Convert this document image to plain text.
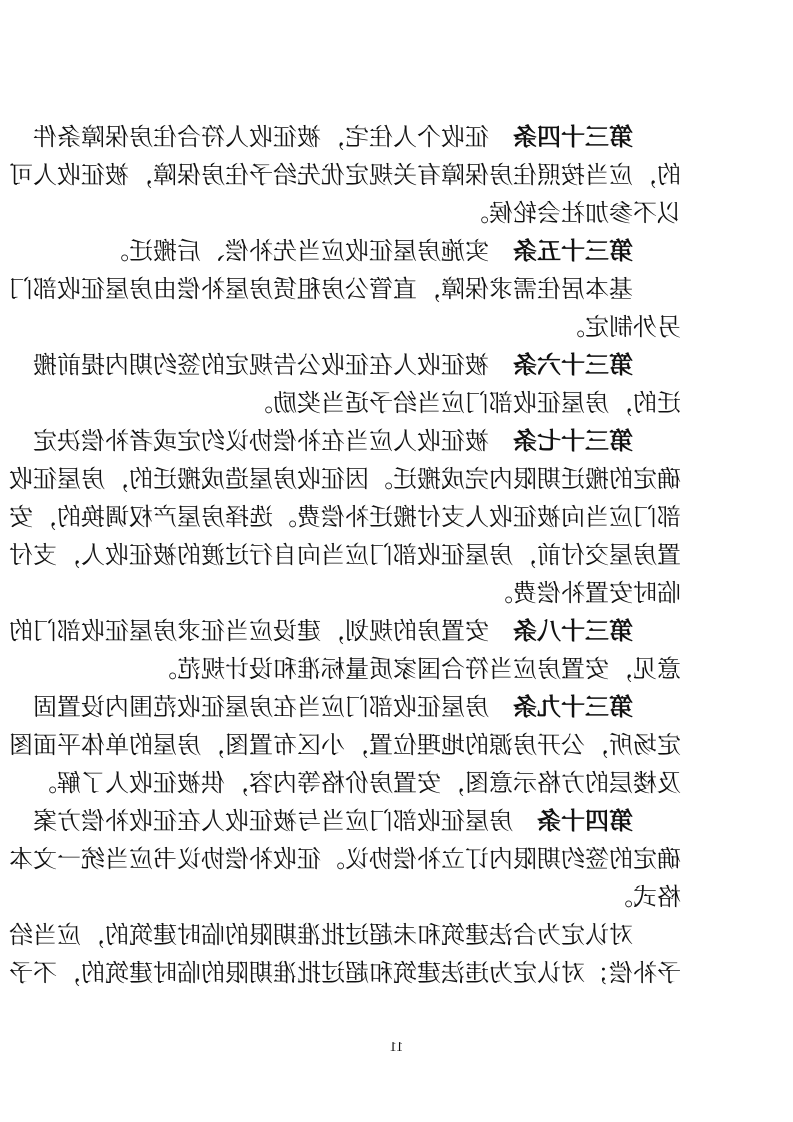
第三十四条征收个人住宅，被征收人符合住房保障条件
的，应当按照住房保障有关规定优先给予住房保障，被征收人可
以不参加社会轮候。
第三十五条实施房屋征收应当先补偿、后搬迁。
基本居住需求保障，直管公房租赁房屋补偿由房屋征收部门
另外制定。
第三十六条被征收人在征收公告规定的签约期内提前搬
迁的，房屋征收部门应当给予适当奖励。
第三十七条被征收人应当在补偿协议约定或者补偿决定
确定的搬迁期限内完成搬迁。因征收房屋造成搬迁的，房屋征收
部门应当向被征收人支付搬迁补偿费。选择房屋产权调换的，安
置房屋交付前，房屋征收部门应当向自行过渡的被征收人，支付
临时安置补偿费。
第三十八条安置房的规划，建设应当征求房屋征收部门的
意见，安置房应当符合国家质量标准和设计规范。
第三十九条房屋征收部门应当在房屋征收范围内设置固
定场所，公开房源的地理位置，小区布置图，房屋的单体平面图
及楼层的方格示意图，安置房价格等内容，供被征收人了解。
第四十条房屋征收部门应当与被征收人在征收补偿方案
确定的签约期限内订立补偿协议。征收补偿协议书应当统一文本
格式。
对认定为合法建筑和未超过批准期限的临时建筑的，应当给
予补偿；对认定为违法建筑和超过批准期限的临时建筑的，不予
11
